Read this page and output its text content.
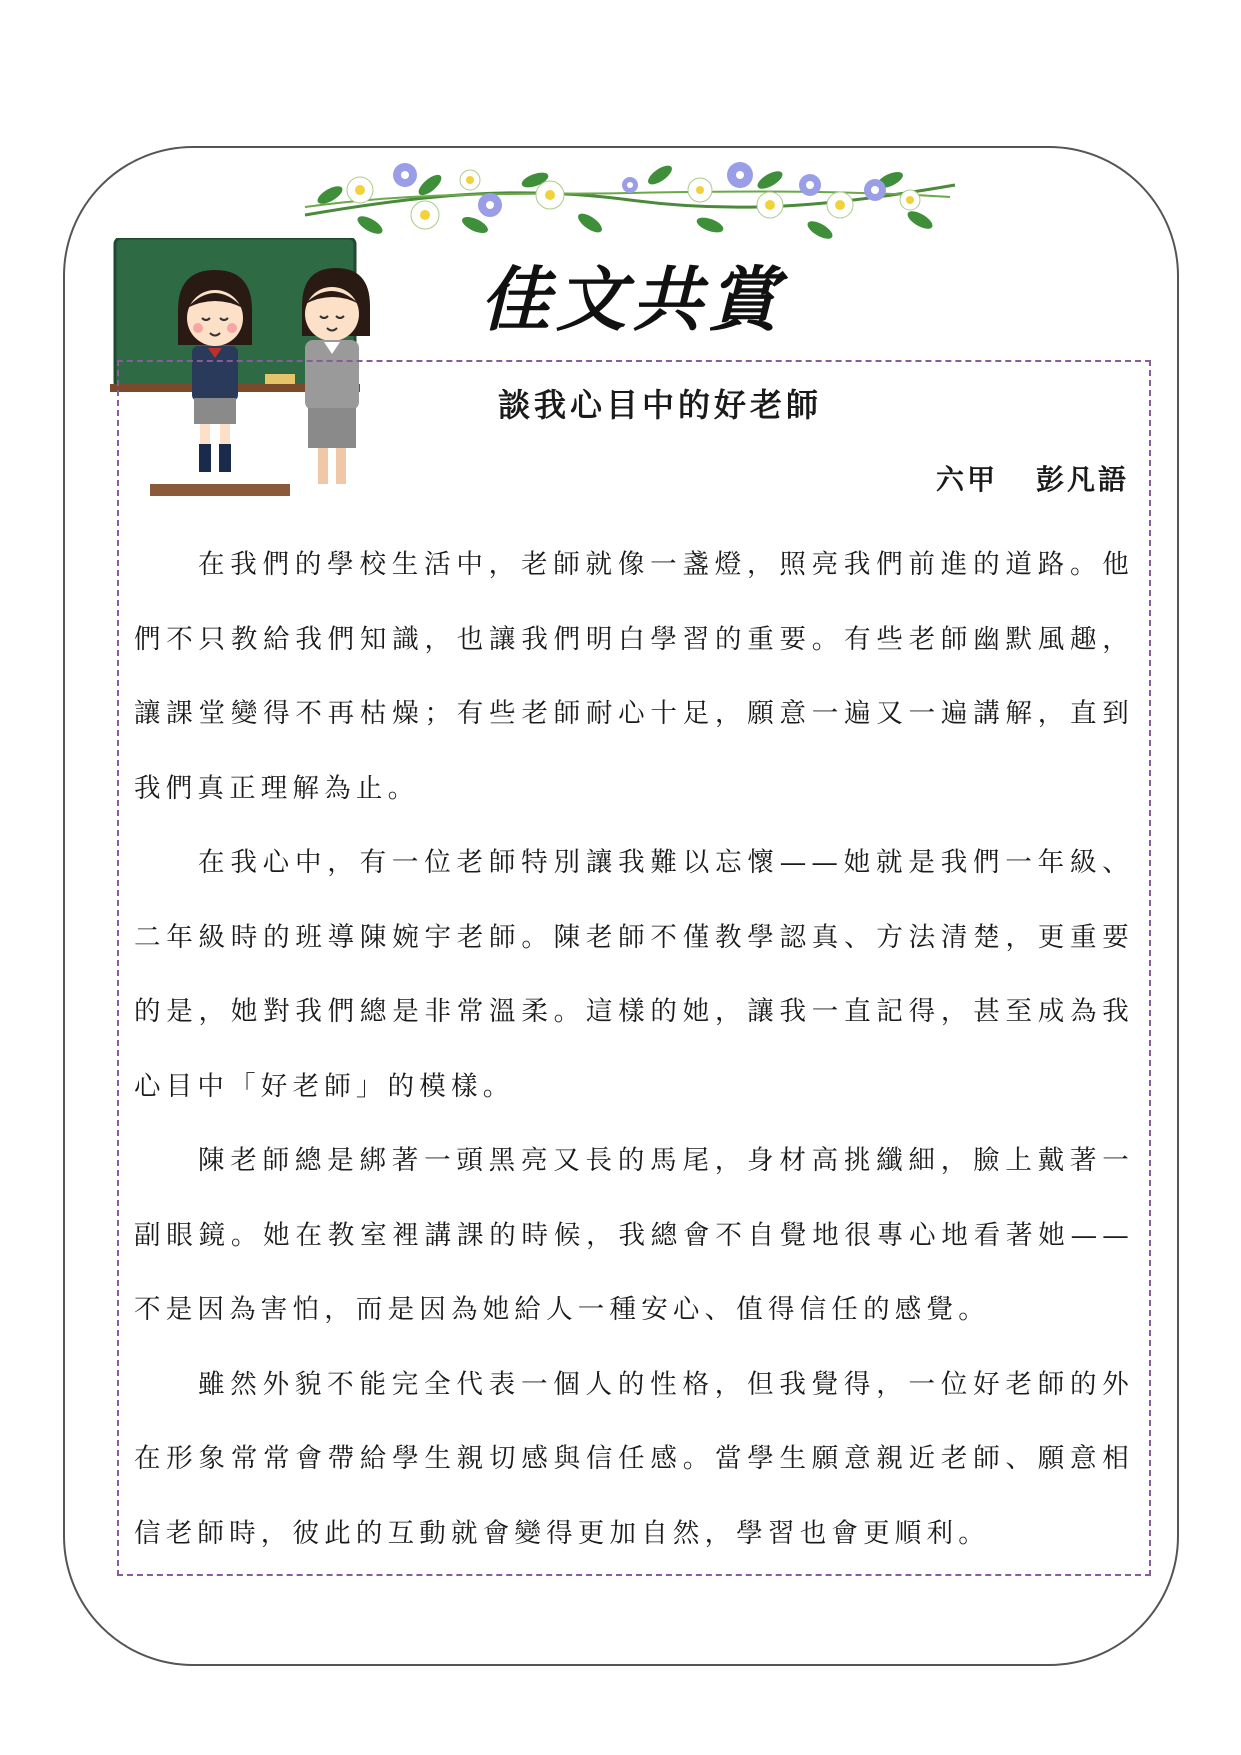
佳文共賞
談我心目中的好老師
六甲 彭凡語

在我們的學校生活中，老師就像一盞燈，照亮我們前進的道路。他們不只教給我們知識，也讓我們明白學習的重要。有些老師幽默風趣，讓課堂變得不再枯燥；有些老師耐心十足，願意一遍又一遍講解，直到我們真正理解為止。

在我心中，有一位老師特別讓我難以忘懷——她就是我們一年級、二年級時的班導陳婉宇老師。陳老師不僅教學認真、方法清楚，更重要的是，她對我們總是非常溫柔。這樣的她，讓我一直記得，甚至成為我心目中「好老師」的模樣。

陳老師總是綁著一頭黑亮又長的馬尾，身材高挑纖細，臉上戴著一副眼鏡。她在教室裡講課的時候，我總會不自覺地很專心地看著她——不是因為害怕，而是因為她給人一種安心、值得信任的感覺。

雖然外貌不能完全代表一個人的性格，但我覺得，一位好老師的外在形象常常會帶給學生親切感與信任感。當學生願意親近老師、願意相信老師時，彼此的互動就會變得更加自然，學習也會更順利。
